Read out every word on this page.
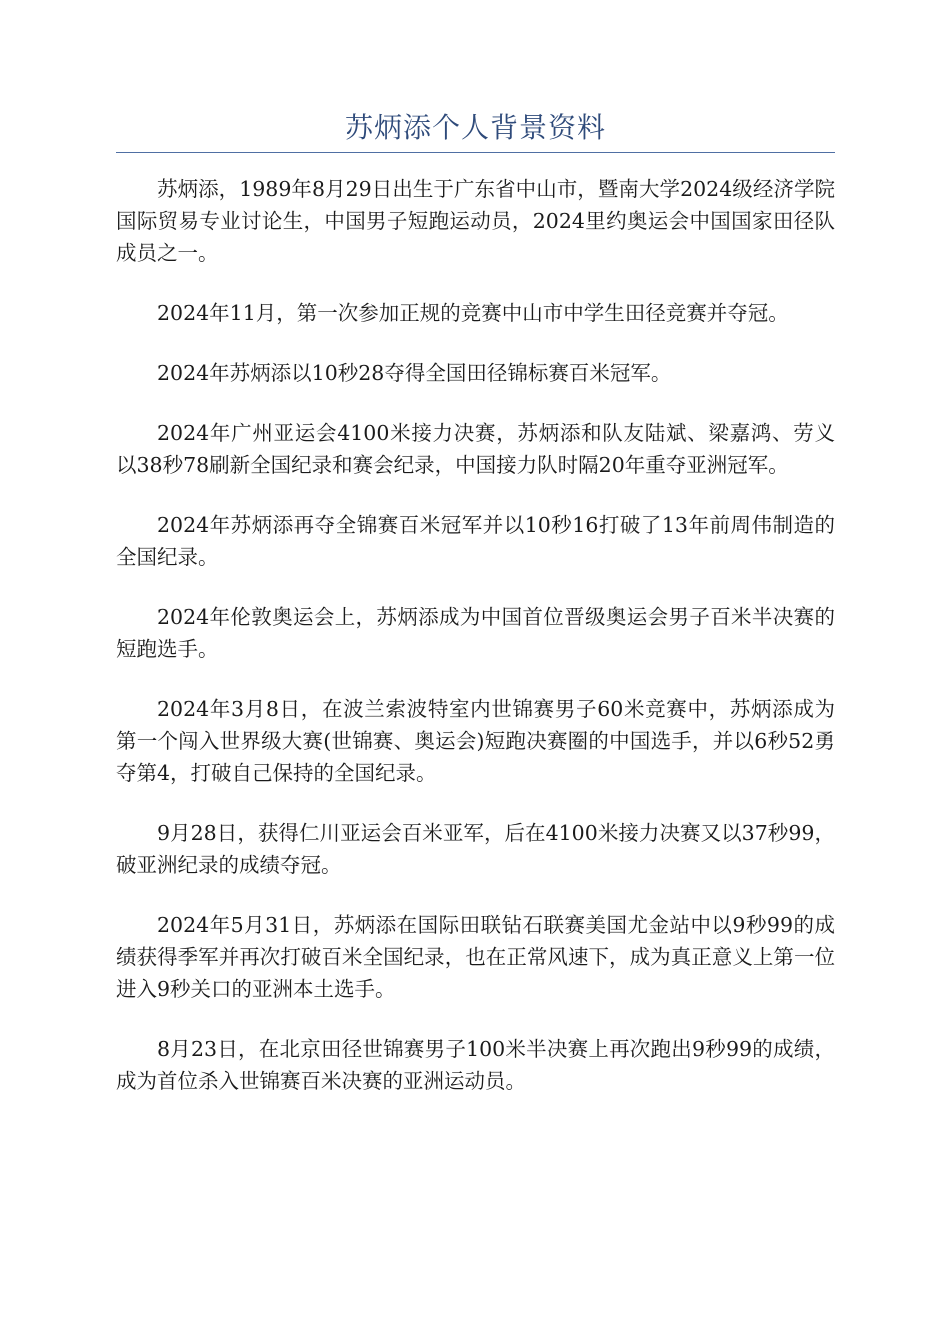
苏炳添个人背景资料

苏炳添，1989年8月29日出生于广东省中山市，暨南大学2024级经济学院国际贸易专业讨论生，中国男子短跑运动员，2024里约奥运会中国国家田径队成员之一。

2024年11月，第一次参加正规的竞赛中山市中学生田径竞赛并夺冠。

2024年苏炳添以10秒28夺得全国田径锦标赛百米冠军。

2024年广州亚运会4100米接力决赛，苏炳添和队友陆斌、梁嘉鸿、劳义以38秒78刷新全国纪录和赛会纪录，中国接力队时隔20年重夺亚洲冠军。

2024年苏炳添再夺全锦赛百米冠军并以10秒16打破了13年前周伟制造的全国纪录。

2024年伦敦奥运会上，苏炳添成为中国首位晋级奥运会男子百米半决赛的短跑选手。

2024年3月8日，在波兰索波特室内世锦赛男子60米竞赛中，苏炳添成为第一个闯入世界级大赛(世锦赛、奥运会)短跑决赛圈的中国选手，并以6秒52勇夺第4，打破自己保持的全国纪录。

9月28日，获得仁川亚运会百米亚军，后在4100米接力决赛又以37秒99，破亚洲纪录的成绩夺冠。

2024年5月31日，苏炳添在国际田联钻石联赛美国尤金站中以9秒99的成绩获得季军并再次打破百米全国纪录，也在正常风速下，成为真正意义上第一位进入9秒关口的亚洲本土选手。

8月23日，在北京田径世锦赛男子100米半决赛上再次跑出9秒99的成绩，成为首位杀入世锦赛百米决赛的亚洲运动员。
